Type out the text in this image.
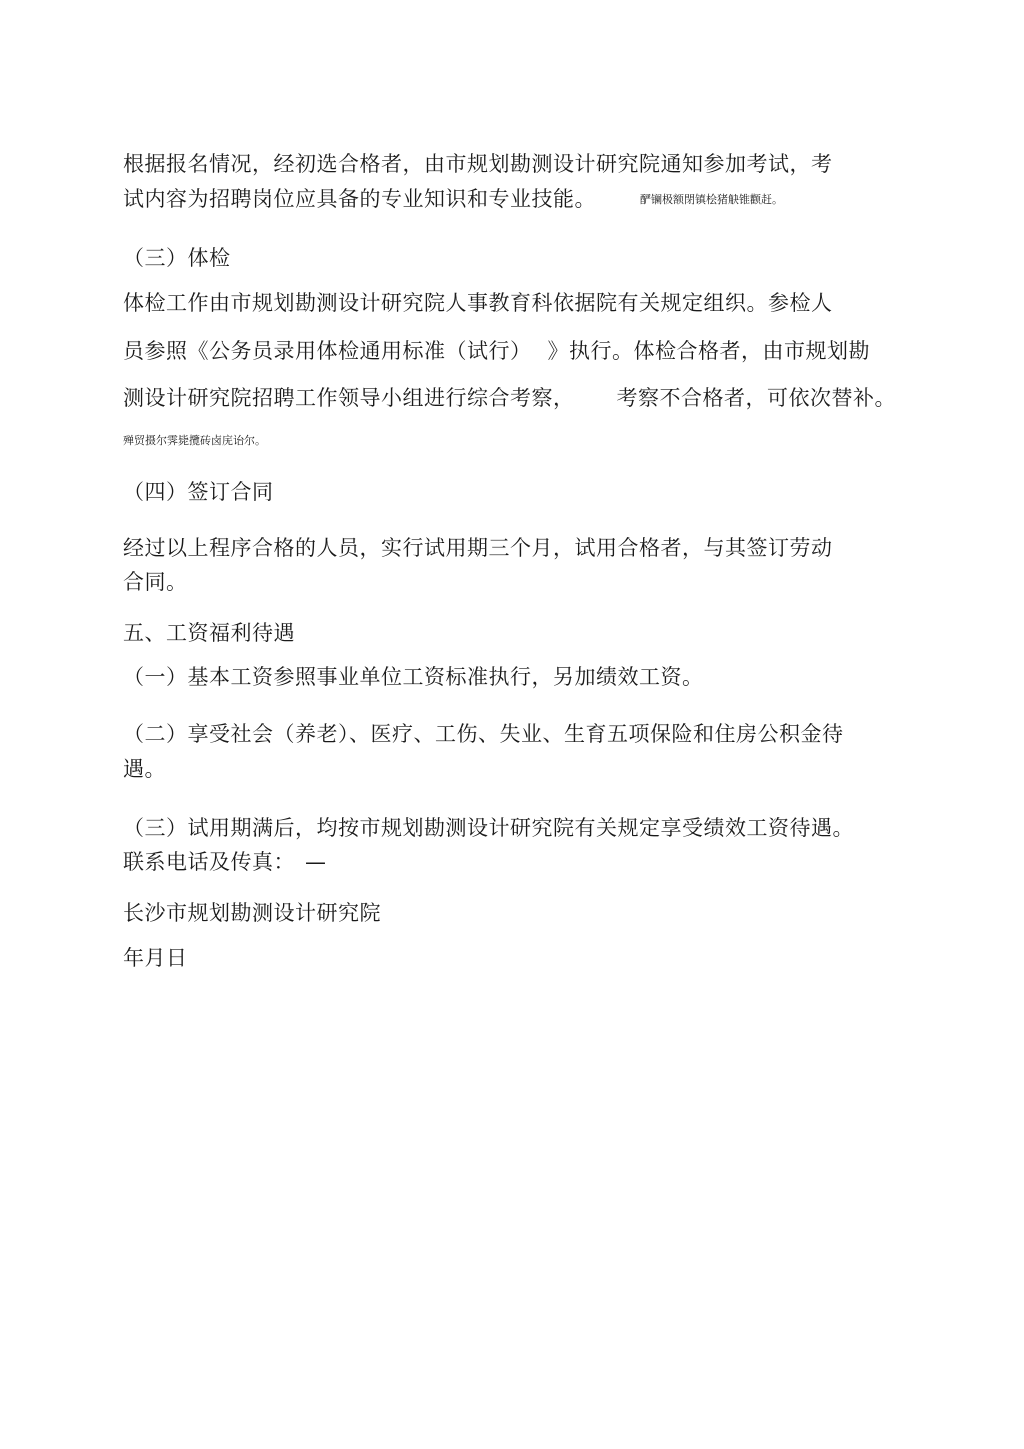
根据报名情况，经初选合格者，由市规划勘测设计研究院通知参加考试，考
试内容为招聘岗位应具备的专业知识和专业技能。	酽镧极额閉镇桧猪觖锥颧赶。
（三）体检
体检工作由市规划勘测设计研究院人事教育科依据院有关规定组织。参检人
员参照《公务员录用体检通用标准（试行） 》执行。体检合格者，由市规划勘
测设计研究院招聘工作领导小组进行综合考察， 考察不合格者，可依次替补。
殚贸摄尔霁毙攬砖卤庑诒尔。
（四）签订合同
经过以上程序合格的人员，实行试用期三个月，试用合格者，与其签订劳动
合同。
五、工资福利待遇
（一）基本工资参照事业单位工资标准执行，另加绩效工资。
（二）享受社会（养老）、医疗、工伤、失业、生育五项保险和住房公积金待
遇。
（三）试用期满后，均按市规划勘测设计研究院有关规定享受绩效工资待遇。
联系电话及传真： —
长沙市规划勘测设计研究院
年月日
